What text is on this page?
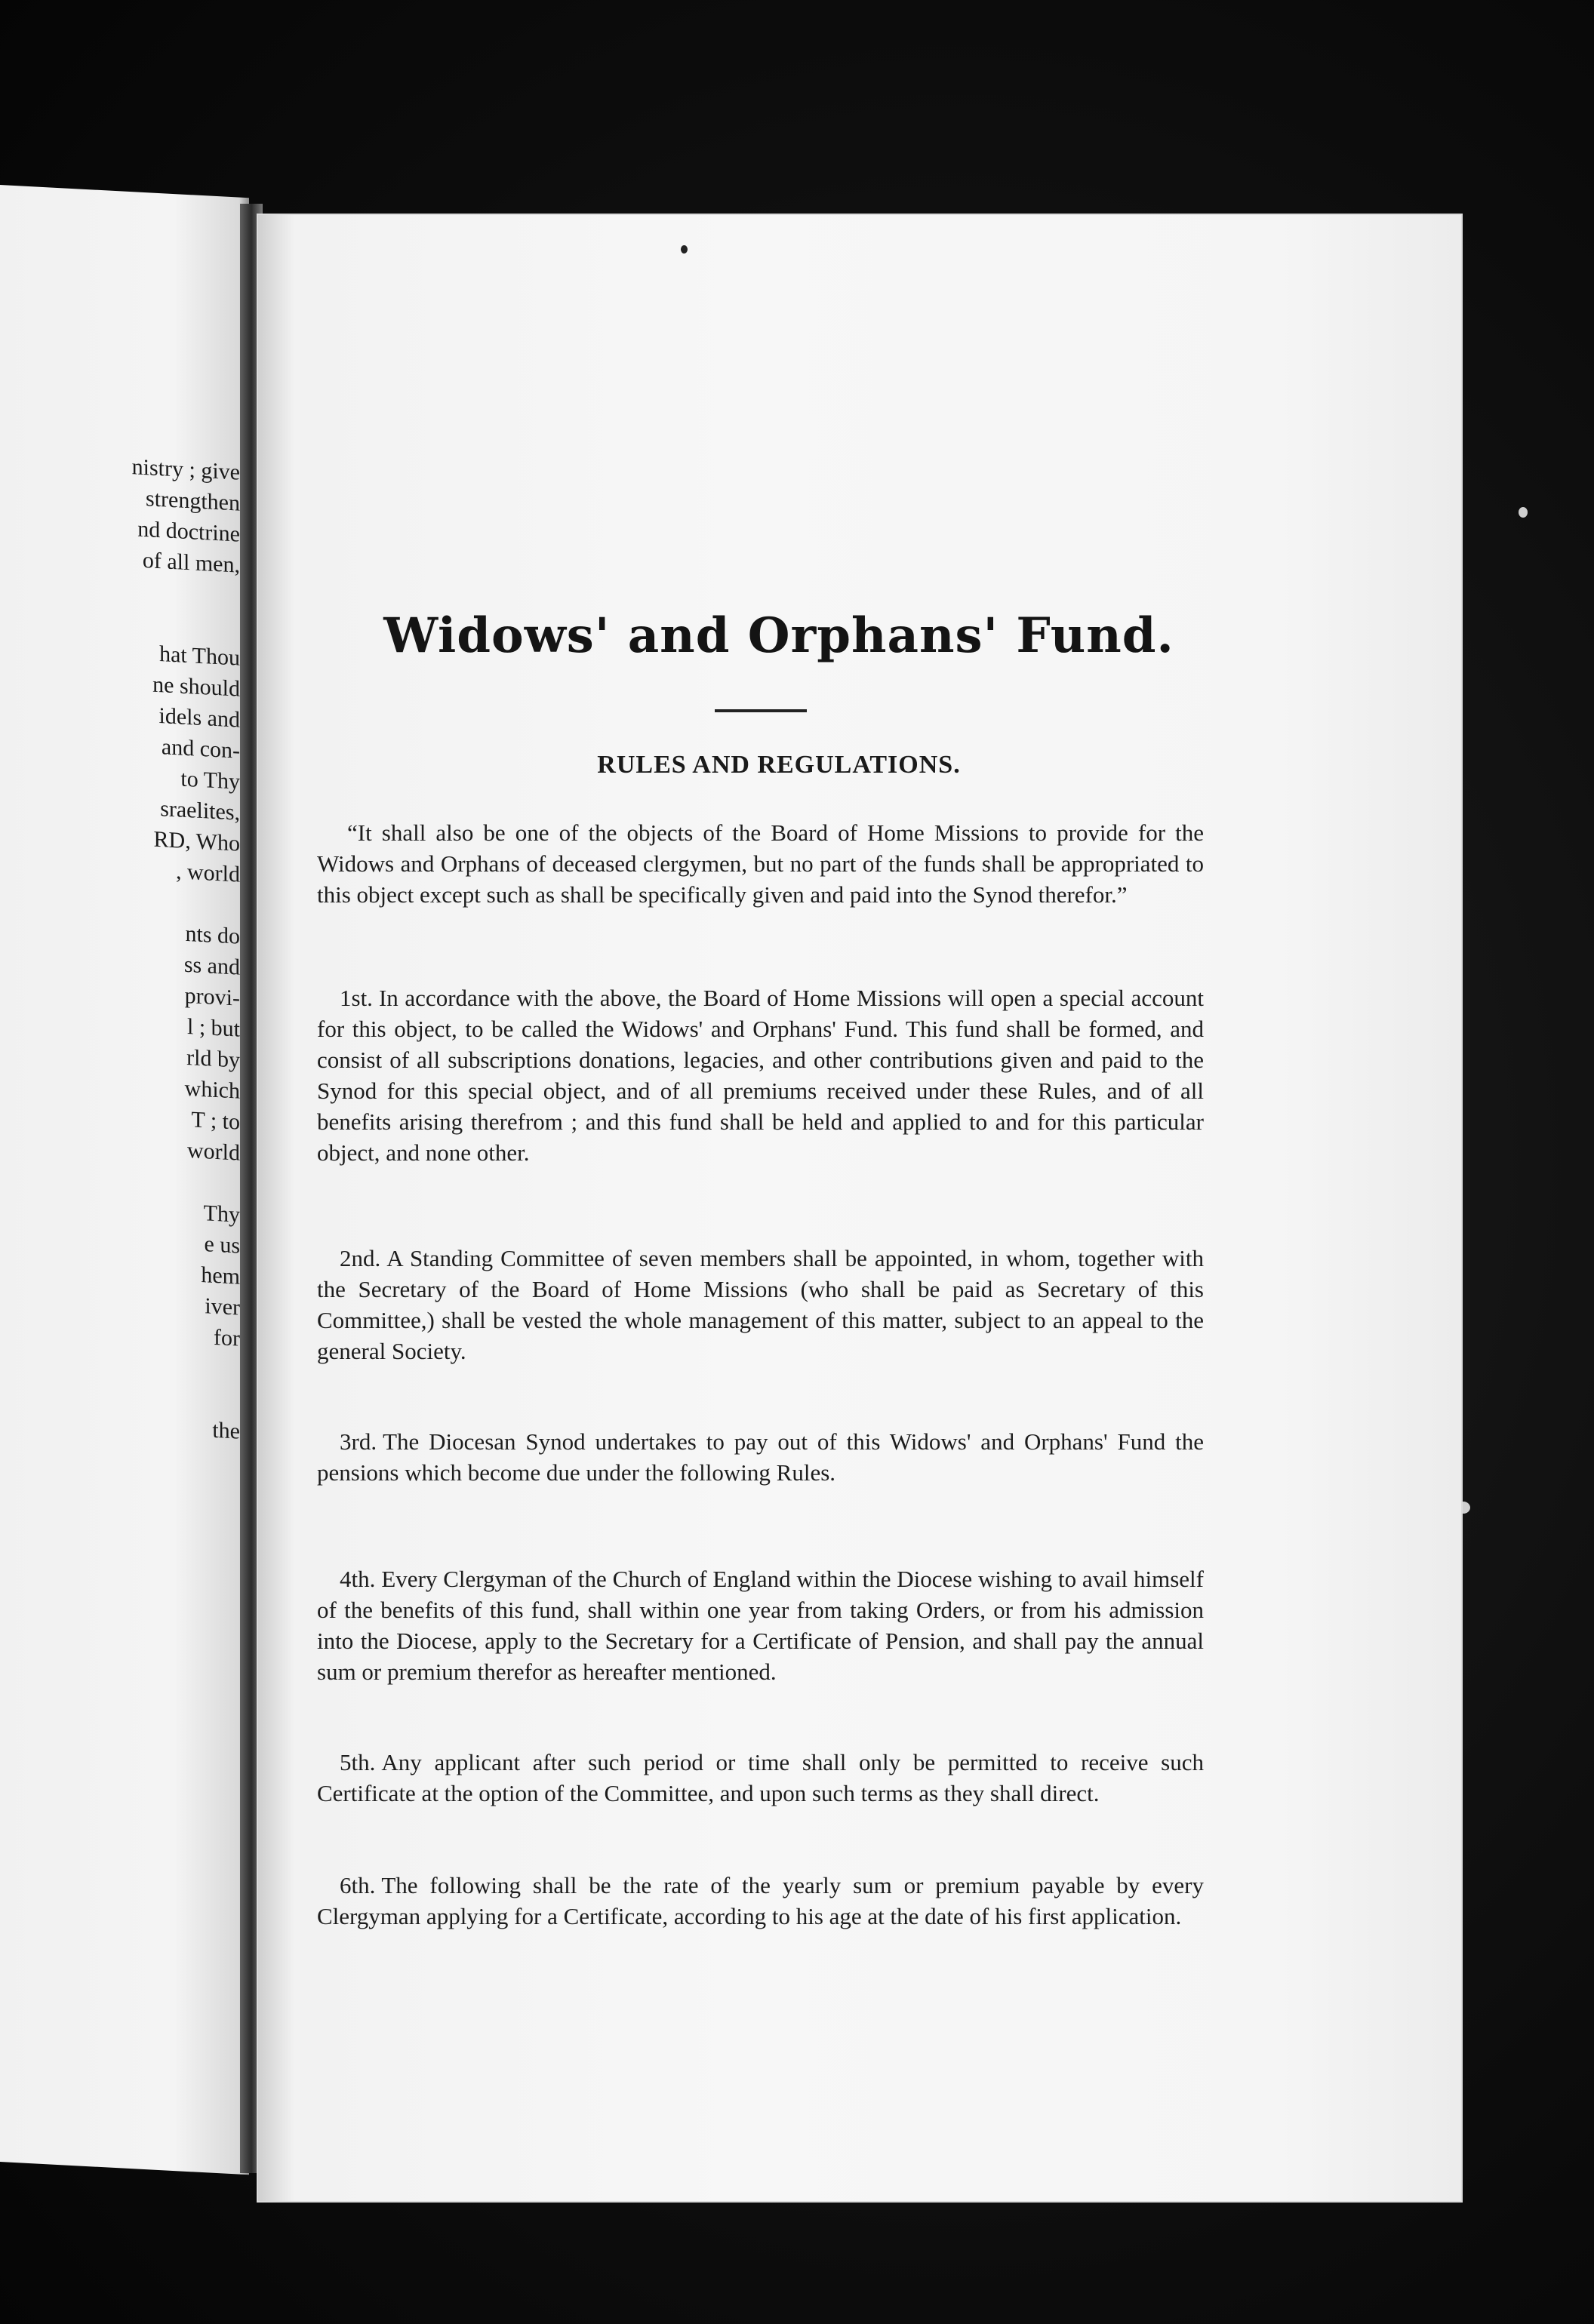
nistry ; give

strengthen

nd doctrine

of all men,

hat Thou

ne should

idels and

and con-

to Thy

sraelites,

RD, Who

, world

nts do

ss and

provi-

l ; but

rld by

which

T ; to

world

Thy

e us

hem

iver

for

the

Widows' and Orphans' Fund.
RULES AND REGULATIONS.

“It shall also be one of the objects of the Board of Home Missions to provide for the Widows and Orphans of deceased clergymen, but no part of the funds shall be appropriated to this object except such as shall be specifically given and paid into the Synod therefor.”

1st. In accordance with the above, the Board of Home Missions will open a special account for this object, to be called the Widows' and Orphans' Fund. This fund shall be formed, and consist of all subscriptions donations, legacies, and other contributions given and paid to the Synod for this special object, and of all premiums received under these Rules, and of all benefits arising therefrom ; and this fund shall be held and applied to and for this particular object, and none other.

2nd. A Standing Committee of seven members shall be appointed, in whom, together with the Secretary of the Board of Home Missions (who shall be paid as Secretary of this Committee,) shall be vested the whole management of this matter, subject to an appeal to the general Society.

3rd. The Diocesan Synod undertakes to pay out of this Widows' and Orphans' Fund the pensions which become due under the following Rules.

4th. Every Clergyman of the Church of England within the Diocese wishing to avail himself of the benefits of this fund, shall within one year from taking Orders, or from his admission into the Diocese, apply to the Secretary for a Certificate of Pension, and shall pay the annual sum or premium therefor as hereafter mentioned.

5th. Any applicant after such period or time shall only be permitted to receive such Certificate at the option of the Committee, and upon such terms as they shall direct.

6th. The following shall be the rate of the yearly sum or premium payable by every Clergyman applying for a Certificate, according to his age at the date of his first application.
